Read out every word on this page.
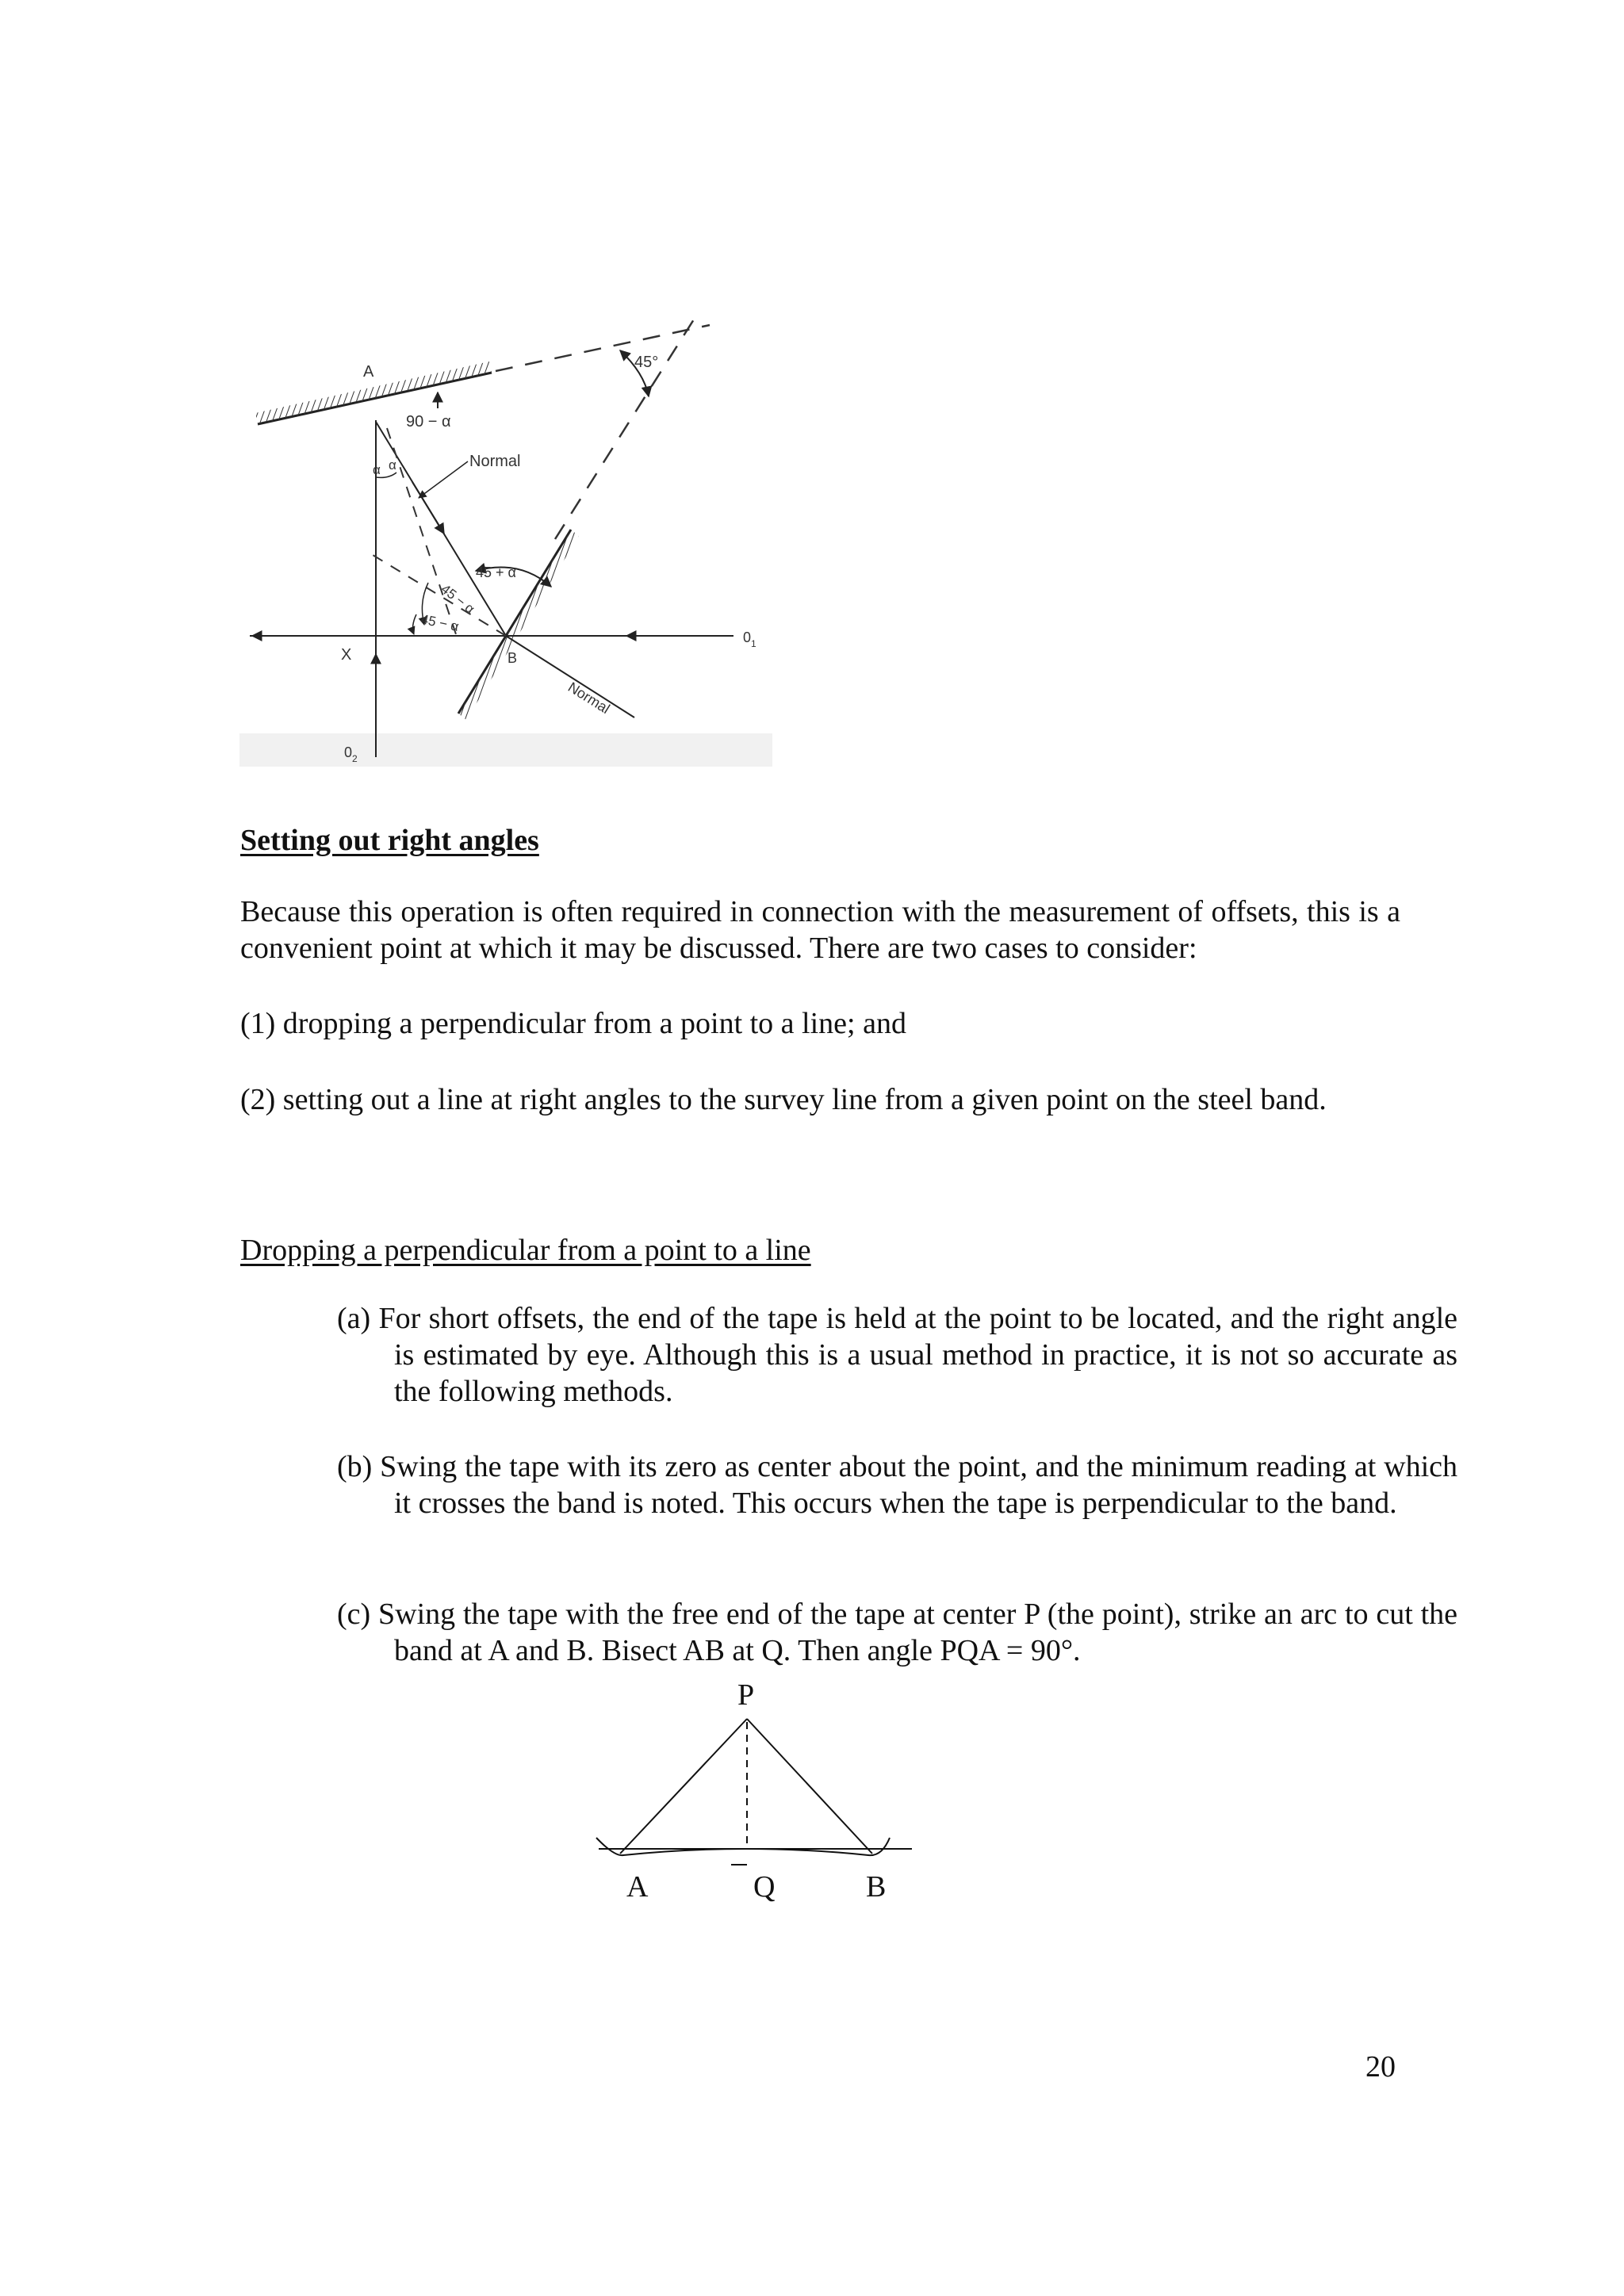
45°
90 − α
Normal
α α
45 + α
45 − α
45 − α
A
B
X
Normal
$0_1$
$0_2$
Setting out right angles

Because this operation is often required in connection with the measurement of offsets, this is a convenient point at which it may be discussed. There are two cases to consider:

(1) dropping a perpendicular from a point to a line; and

(2) setting out a line at right angles to the survey line from a given point on the steel band.

Dropping a perpendicular from a point to a line

(a) For short offsets, the end of the tape is held at the point to be located, and the right angle is estimated by eye. Although this is a usual method in practice, it is not so accurate as the following methods.

(b) Swing the tape with its zero as center about the point, and the minimum reading at which it crosses the band is noted. This occurs when the tape is perpendicular to the band.

(c) Swing the tape with the free end of the tape at center P (the point), strike an arc to cut the band at A and B. Bisect AB at Q. Then angle PQA = 90°.

P
A	Q	B
20
